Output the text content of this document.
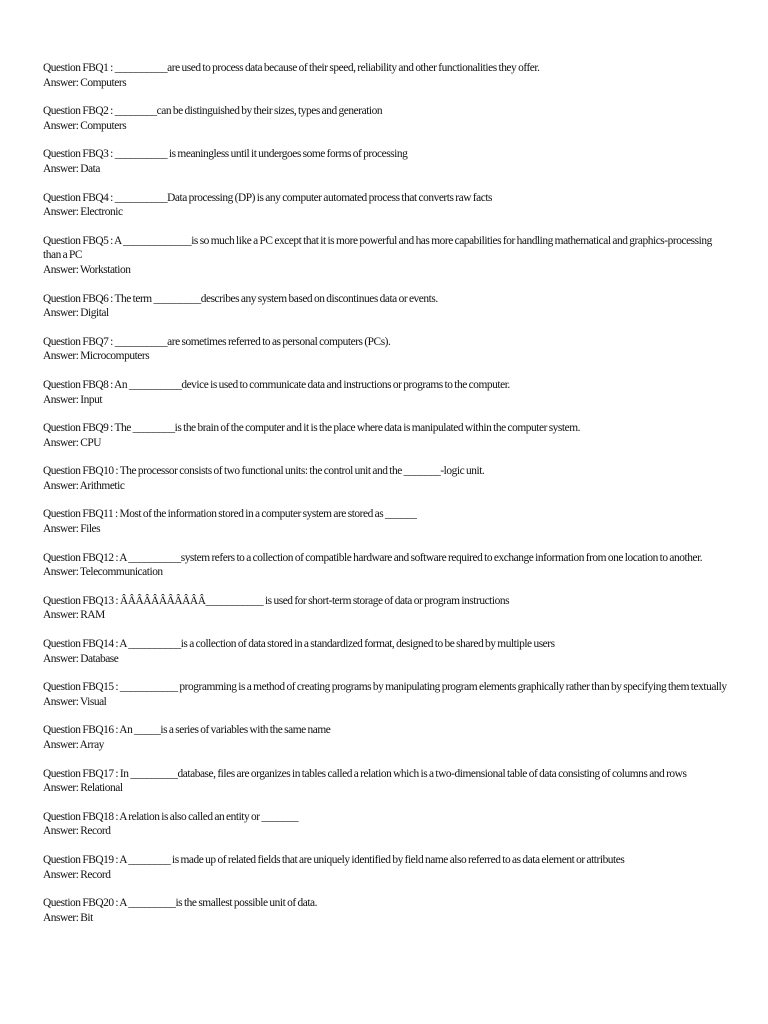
Question FBQ1 : __________are used to process data because of their speed, reliability and other functionalities they offer.
Answer: Computers
Question FBQ2 : ________can be distinguished by their sizes, types and generation
Answer: Computers
Question FBQ3 : __________ is meaningless until it undergoes some forms of processing
Answer: Data
Question FBQ4 : __________Data processing (DP) is any computer automated process that converts raw facts
Answer: Electronic
Question FBQ5 : A _____________is so much like a PC except that it is more powerful and has more capabilities for handling mathematical and graphics-processing than a PC
Answer: Workstation
Question FBQ6 : The term _________describes any system based on discontinues data or events.
Answer: Digital
Question FBQ7 : __________are sometimes referred to as personal computers (PCs).
Answer: Microcomputers
Question FBQ8 : An __________device is used to communicate data and instructions or programs to the computer.
Answer: Input
Question FBQ9 : The ________is the brain of the computer and it is the place where data is manipulated within the computer system.
Answer: CPU
Question FBQ10 : The processor consists of two functional units: the control unit and the _______-logic unit.
Answer: Arithmetic
Question FBQ11 : Most of the information stored in a computer system are stored as ______
Answer: Files
Question FBQ12 : A __________system refers to a collection of compatible hardware and software required to exchange information from one location to another.
Answer: Telecommunication
Question FBQ13 : ÂÂÂÂÂÂÂÂÂÂÂ___________ is used for short-term storage of data or program instructions
Answer: RAM
Question FBQ14 : A __________is a collection of data stored in a standardized format, designed to be shared by multiple users
Answer: Database
Question FBQ15 : ___________ programming is a method of creating programs by manipulating program elements graphically rather than by specifying them textually
Answer: Visual
Question FBQ16 : An _____is a series of variables with the same name
Answer: Array
Question FBQ17 : In _________database, files are organizes in tables called a relation which is a two-dimensional table of data consisting of columns and rows
Answer: Relational
Question FBQ18 : A relation is also called an entity or _______
Answer: Record
Question FBQ19 : A ________ is made up of related fields that are uniquely identified by field name also referred to as data element or attributes
Answer: Record
Question FBQ20 : A _________is the smallest possible unit of data.
Answer: Bit
